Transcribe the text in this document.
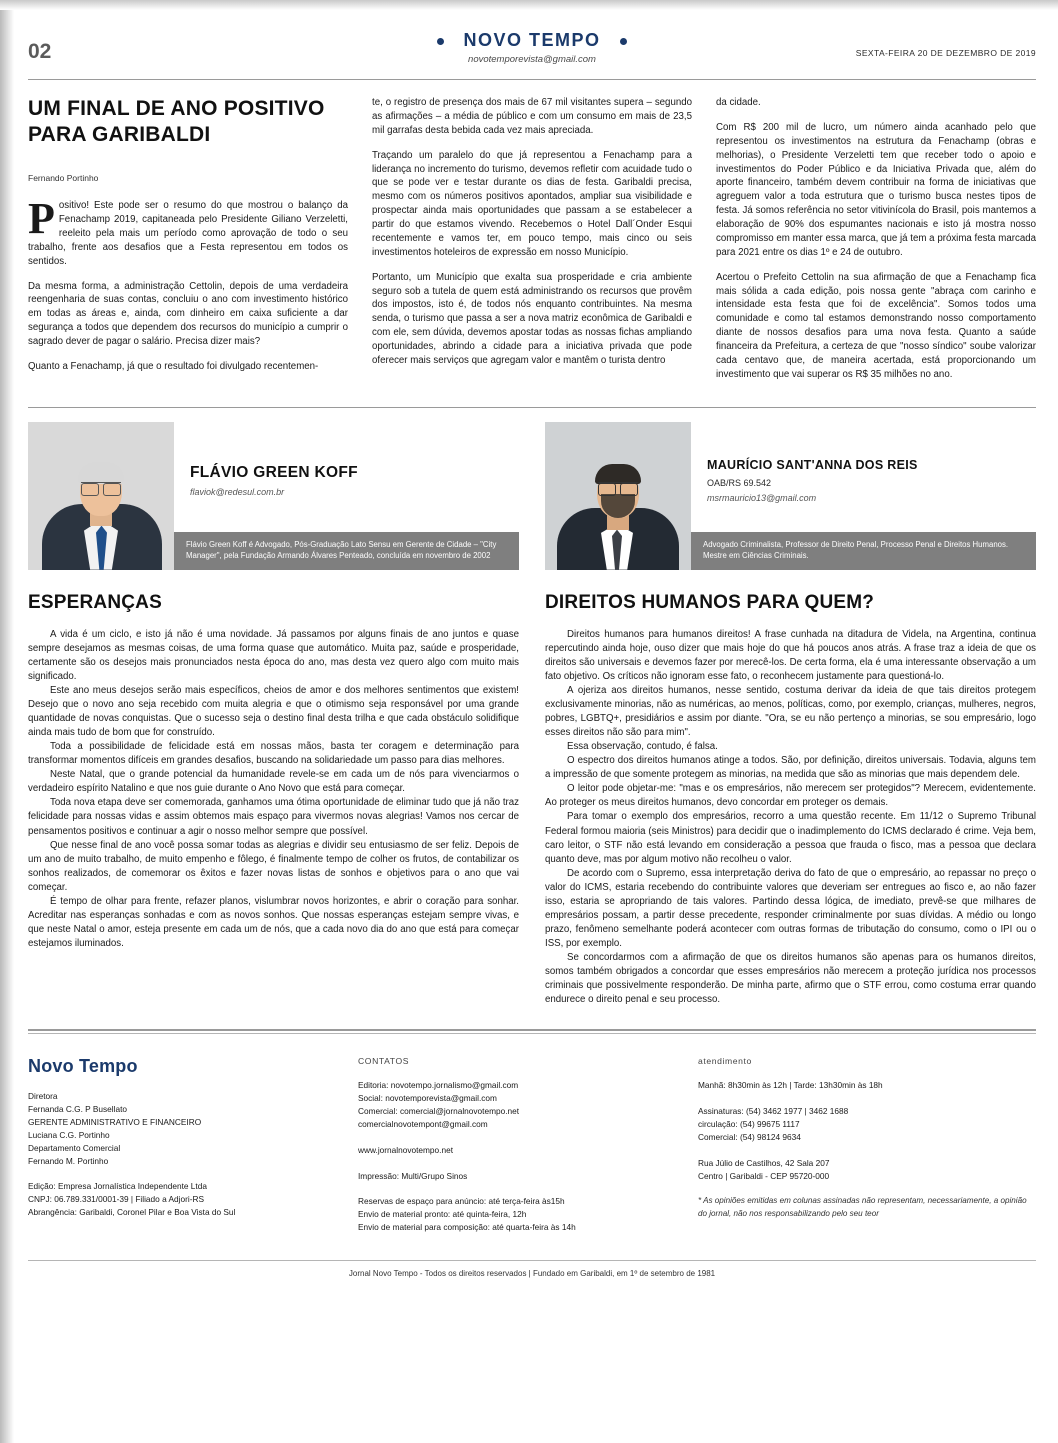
02	NOVO TEMPO
novotemporevista@gmail.com
SEXTA-FEIRA 20 DE DEZEMBRO DE 2019
UM FINAL DE ANO POSITIVO PARA GARIBALDI
Fernando Portinho

Positivo! Este pode ser o resumo do que mostrou o balanço da Fenachamp 2019, capitaneada pelo Presidente Giliano Verzeletti, reeleito pela mais um período como aprovação de todo o seu trabalho, frente aos desafios que a Festa representou em todos os sentidos.

Da mesma forma, a administração Cettolin, depois de uma verdadeira reengenharia de suas contas, concluiu o ano com investimento histórico em todas as áreas e, ainda, com dinheiro em caixa suficiente a dar segurança a todos que dependem dos recursos do município a cumprir o sagrado dever de pagar o salário. Precisa dizer mais?

Quanto a Fenachamp, já que o resultado foi divulgado recentemen-

te, o registro de presença dos mais de 67 mil visitantes supera – segundo as afirmações – a média de público e com um consumo em mais de 23,5 mil garrafas desta bebida cada vez mais apreciada.

Traçando um paralelo do que já representou a Fenachamp para a liderança no incremento do turismo, devemos refletir com acuidade tudo o que se pode ver e testar durante os dias de festa. Garibaldi precisa, mesmo com os números positivos apontados, ampliar sua visibilidade e prospectar ainda mais oportunidades que passam a se estabelecer a partir do que estamos vivendo. Recebemos o Hotel Dall´Onder Esqui recentemente e vamos ter, em pouco tempo, mais cinco ou seis investimentos hoteleiros de expressão em nosso Município.

Portanto, um Município que exalta sua prosperidade e cria ambiente seguro sob a tutela de quem está administrando os recursos que provêm dos impostos, isto é, de todos nós enquanto contribuintes. Na mesma senda, o turismo que passa a ser a nova matriz econômica de Garibaldi e com ele, sem dúvida, devemos apostar todas as nossas fichas ampliando oportunidades, abrindo a cidade para a iniciativa privada que pode oferecer mais serviços que agregam valor e mantêm o turista dentro

da cidade.

Com R$ 200 mil de lucro, um número ainda acanhado pelo que representou os investimentos na estrutura da Fenachamp (obras e melhorias), o Presidente Verzeletti tem que receber todo o apoio e investimentos do Poder Público e da Iniciativa Privada que, além do aporte financeiro, também devem contribuir na forma de iniciativas que agreguem valor a toda estrutura que o turismo busca nestes tipos de festa. Já somos referência no setor vitivinícola do Brasil, pois mantemos a elaboração de 90% dos espumantes nacionais e isto já mostra nosso compromisso em manter essa marca, que já tem a próxima festa marcada para 2021 entre os dias 1º e 24 de outubro.

Acertou o Prefeito Cettolin na sua afirmação de que a Fenachamp fica mais sólida a cada edição, pois nossa gente "abraça com carinho e intensidade esta festa que foi de excelência". Somos todos uma comunidade e como tal estamos demonstrando nosso comportamento diante de nossos desafios para uma nova festa. Quanto a saúde financeira da Prefeitura, a certeza de que "nosso síndico" soube valorizar cada centavo que, de maneira acertada, está proporcionando um investimento que vai superar os R$ 35 milhões no ano.

FLÁVIO GREEN KOFF
flaviok@redesul.com.br
Flávio Green Koff é Advogado, Pós-Graduação Lato Sensu em Gerente de Cidade – "City Manager", pela Fundação Armando Álvares Penteado, concluída em novembro de 2002
ESPERANÇAS

A vida é um ciclo, e isto já não é uma novidade. Já passamos por alguns finais de ano juntos e quase sempre desejamos as mesmas coisas, de uma forma quase que automático. Muita paz, saúde e prosperidade, certamente são os desejos mais pronunciados nesta época do ano, mas desta vez quero algo com muito mais significado.

Este ano meus desejos serão mais específicos, cheios de amor e dos melhores sentimentos que existem! Desejo que o novo ano seja recebido com muita alegria e que o otimismo seja responsável por uma grande quantidade de novas conquistas. Que o sucesso seja o destino final desta trilha e que cada obstáculo solidifique ainda mais tudo de bom que for construído.

Toda a possibilidade de felicidade está em nossas mãos, basta ter coragem e determinação para transformar momentos difíceis em grandes desafios, buscando na solidariedade um passo para dias melhores.

Neste Natal, que o grande potencial da humanidade revele-se em cada um de nós para vivenciarmos o verdadeiro espírito Natalino e que nos guie durante o Ano Novo que está para começar.

Toda nova etapa deve ser comemorada, ganhamos uma ótima oportunidade de eliminar tudo que já não traz felicidade para nossas vidas e assim obtemos mais espaço para vivermos novas alegrias! Vamos nos cercar de pensamentos positivos e continuar a agir o nosso melhor sempre que possível.

Que nesse final de ano você possa somar todas as alegrias e dividir seu entusiasmo de ser feliz. Depois de um ano de muito trabalho, de muito empenho e fôlego, é finalmente tempo de colher os frutos, de contabilizar os sonhos realizados, de comemorar os êxitos e fazer novas listas de sonhos e objetivos para o ano que vai começar.

É tempo de olhar para frente, refazer planos, vislumbrar novos horizontes, e abrir o coração para sonhar. Acreditar nas esperanças sonhadas e com as novos sonhos. Que nossas esperanças estejam sempre vivas, e que neste Natal o amor, esteja presente em cada um de nós, que a cada novo dia do ano que está para começar estejamos iluminados.

MAURÍCIO SANT'ANNA DOS REIS
OAB/RS 69.542
msrmauricio13@gmail.com
Advogado Criminalista, Professor de Direito Penal, Processo Penal e Direitos Humanos. Mestre em Ciências Criminais.
DIREITOS HUMANOS PARA QUEM?

Direitos humanos para humanos direitos! A frase cunhada na ditadura de Videla, na Argentina, continua repercutindo ainda hoje, ouso dizer que mais hoje do que há poucos anos atrás. A frase traz a ideia de que os direitos são universais e devemos fazer por merecê-los. De certa forma, ela é uma interessante observação a um fato objetivo. Os críticos não ignoram esse fato, o reconhecem justamente para questioná-lo.

A ojeriza aos direitos humanos, nesse sentido, costuma derivar da ideia de que tais direitos protegem exclusivamente minorias, não as numéricas, ao menos, políticas, como, por exemplo, crianças, mulheres, negros, pobres, LGBTQ+, presidiários e assim por diante. "Ora, se eu não pertenço a minorias, se sou empresário, logo esses direitos não são para mim".

Essa observação, contudo, é falsa.

O espectro dos direitos humanos atinge a todos. São, por definição, direitos universais. Todavia, alguns tem a impressão de que somente protegem as minorias, na medida que são as minorias que mais dependem dele.

O leitor pode objetar-me: "mas e os empresários, não merecem ser protegidos"? Merecem, evidentemente. Ao proteger os meus direitos humanos, devo concordar em proteger os demais.

Para tomar o exemplo dos empresários, recorro a uma questão recente. Em 11/12 o Supremo Tribunal Federal formou maioria (seis Ministros) para decidir que o inadimplemento do ICMS declarado é crime. Veja bem, caro leitor, o STF não está levando em consideração a pessoa que frauda o fisco, mas a pessoa que declara quanto deve, mas por algum motivo não recolheu o valor.

De acordo com o Supremo, essa interpretação deriva do fato de que o empresário, ao repassar no preço o valor do ICMS, estaria recebendo do contribuinte valores que deveriam ser entregues ao fisco e, ao não fazer isso, estaria se apropriando de tais valores. Partindo dessa lógica, de imediato, prevê-se que milhares de empresários possam, a partir desse precedente, responder criminalmente por suas dívidas. A médio ou longo prazo, fenômeno semelhante poderá acontecer com outras formas de tributação do consumo, como o IPI ou o ISS, por exemplo.

Se concordarmos com a afirmação de que os direitos humanos são apenas para os humanos direitos, somos também obrigados a concordar que esses empresários não merecem a proteção jurídica nos processos criminais que possivelmente responderão. De minha parte, afirmo que o STF errou, como costuma errar quando endurece o direito penal e seu processo.

Novo Tempo
Diretora
Fernanda C.G. P Busellato
GERENTE ADMINISTRATIVO E FINANCEIRO
Luciana C.G. Portinho
Departamento Comercial
Fernando M. Portinho
Edição: Empresa Jornalística Independente Ltda
CNPJ: 06.789.331/0001-39 | Filiado a Adjori-RS
Abrangência: Garibaldi, Coronel Pilar e Boa Vista do Sul
CONTATOS
Editoria: novotempo.jornalismo@gmail.com
Social: novotemporevista@gmail.com
Comercial: comercial@jornalnovotempo.net
comercialnovotempont@gmail.com
www.jornalnovotempo.net
Impressão: Multi/Grupo Sinos
Reservas de espaço para anúncio: até terça-feira às15h
Envio de material pronto: até quinta-feira, 12h
Envio de material para composição: até quarta-feira às 14h
atendimento
Manhã: 8h30min às 12h | Tarde: 13h30min às 18h
Assinaturas: (54) 3462 1977 | 3462 1688
circulação: (54) 99675 1117
Comercial: (54) 98124 9634
Rua Júlio de Castilhos, 42 Sala 207
Centro | Garibaldi - CEP 95720-000
* As opiniões emitidas em colunas assinadas não representam, necessariamente, a opinião do jornal, não nos responsabilizando pelo seu teor
Jornal Novo Tempo - Todos os direitos reservados | Fundado em Garibaldi, em 1º de setembro de 1981
